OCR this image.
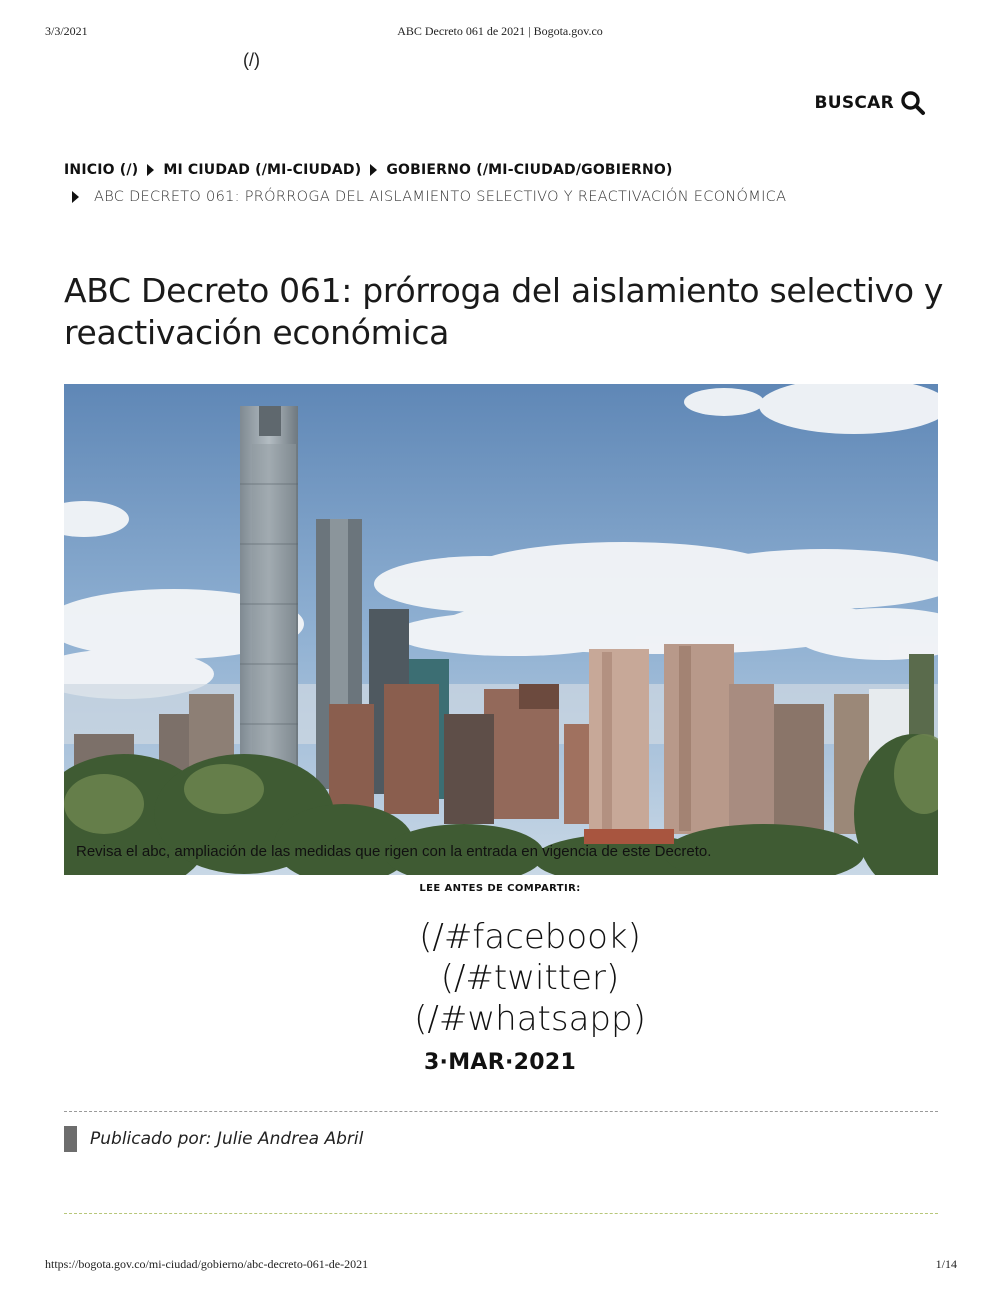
3/3/2021	ABC Decreto 061 de 2021 | Bogota.gov.co
(/)
BUSCAR
INICIO (/) MI CIUDAD (/MI-CIUDAD) GOBIERNO (/MI-CIUDAD/GOBIERNO)
ABC DECRETO 061: PRÓRROGA DEL AISLAMIENTO SELECTIVO Y REACTIVACIÓN ECONÓMICA
ABC Decreto 061: prórroga del aislamiento selectivo y reactivación económica
Revisa el abc, ampliación de las medidas que rigen con la entrada en vigencia de este Decreto.
LEE ANTES DE COMPARTIR:
(/#facebook)
(/#twitter)
(/#whatsapp)
3·MAR·2021
Publicado por: Julie Andrea Abril
https://bogota.gov.co/mi-ciudad/gobierno/abc-decreto-061-de-2021	1/14
